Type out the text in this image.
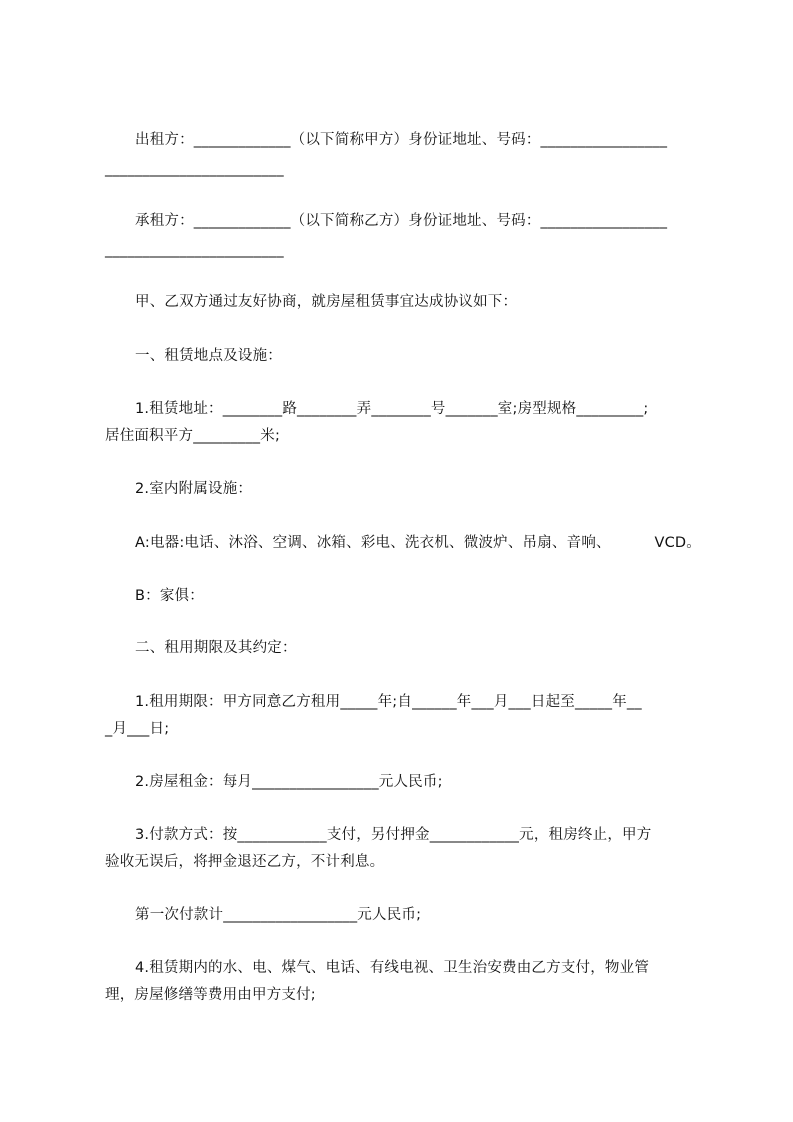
出租方：_____________（以下简称甲方）身份证地址、号码：_________________
________________________
承租方：_____________（以下简称乙方）身份证地址、号码：_________________
________________________
甲、乙双方通过友好协商，就房屋租赁事宜达成协议如下：
一、租赁地点及设施：
1.租赁地址：________路________弄________号_______室;房型规格_________;
居住面积平方_________米;
2.室内附属设施：
A:电器:电话、沐浴、空调、冰箱、彩电、洗衣机、微波炉、吊扇、音响、	VCD。
B：家俱：
二、租用期限及其约定：
1.租用期限：甲方同意乙方租用_____年;自______年___月___日起至_____年__
_月___日;
2.房屋租金：每月_________________元人民币;
3.付款方式：按____________支付，另付押金____________元，租房终止，甲方
验收无误后，将押金退还乙方，不计利息。
第一次付款计__________________元人民币;
4.租赁期内的水、电、煤气、电话、有线电视、卫生治安费由乙方支付，物业管
理，房屋修缮等费用由甲方支付;
